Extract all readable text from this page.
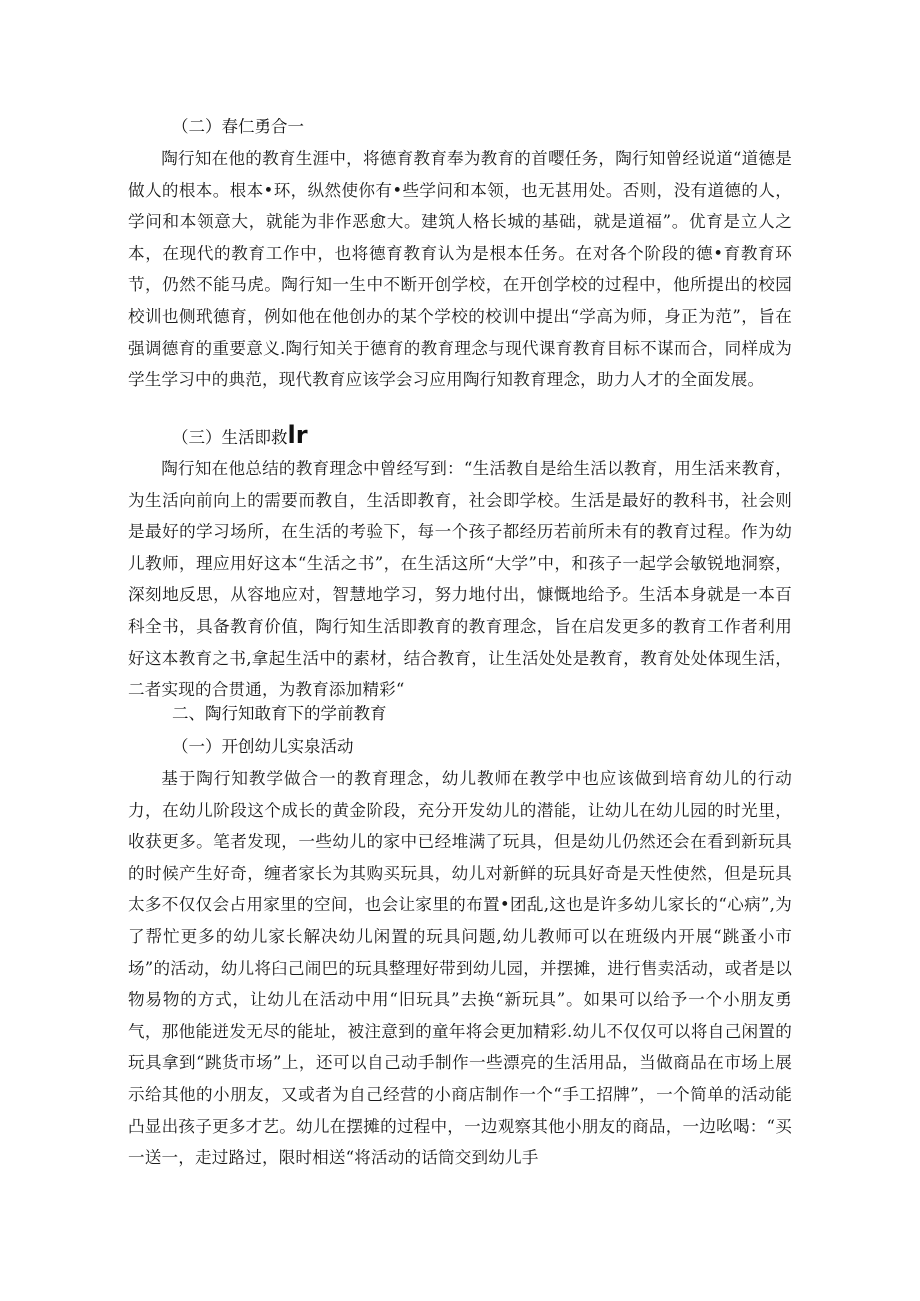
（二）春仁勇合一
陶行知在他的教育生涯中，将德育教育奉为教育的首嘤任务，陶行知曾经说道“道德是做人的根本。根本•环，纵然使你有•些学问和本领，也无甚用处。否则，没有道德的人，学问和本领意大，就能为非作恶愈大。建筑人格长城的基础，就是道福”。优育是立人之本，在现代的教育工作中，也将德育教育认为是根本任务。在对各个阶段的德•育教育环节，仍然不能马虎。陶行知一生中不断开创学校，在开创学校的过程中，他所提出的校园校训也侧玳德育，例如他在他创办的某个学校的校训中提出“学高为师，身正为范”，旨在强调德育的重要意义.陶行知关于德育的教育理念与现代课育教育目标不谋而合，同样成为学生学习中的典范，现代教育应该学会习应用陶行知教育理念，助力人才的全面发展。
（三）生活即救lr
陶行知在他总结的教育理念中曾经写到：“生活教自是给生活以教育，用生活来教育，为生活向前向上的需要而教自，生活即教育，社会即学校。生活是最好的教科书，社会则是最好的学习场所，在生活的考验下，每一个孩子都经历若前所未有的教育过程。作为幼儿教师，理应用好这本“生活之书”，在生活这所“大学”中，和孩子一起学会敏锐地洞察，深刻地反思，从容地应对，智慧地学习，努力地付出，慷慨地给予。生活本身就是一本百科全书，具备教育价值，陶行知生活即教育的教育理念，旨在启发更多的教育工作者利用好这本教育之书,拿起生活中的素材，结合教育，让生活处处是教育，教育处处体现生活，二者实现的合贯通，为教育添加精彩“
二、陶行知敢育下的学前教育
（一）开创幼儿实泉活动
基于陶行知教学做合一的教育理念，幼儿教师在教学中也应该做到培育幼儿的行动力，在幼儿阶段这个成长的黄金阶段，充分开发幼儿的潜能，让幼儿在幼儿园的时光里，收获更多。笔者发现，一些幼儿的家中已经堆满了玩具，但是幼儿仍然还会在看到新玩具的时候产生好奇，缠者家长为其购买玩具，幼儿对新鲜的玩具好奇是天性使然，但是玩具太多不仅仅会占用家里的空间，也会让家里的布置•团乱,这也是许多幼儿家长的“心病”,为了帮忙更多的幼儿家长解决幼儿闲置的玩具问题,幼儿教师可以在班级内开展“跳蚤小市场”的活动，幼儿将臼己闹巴的玩具整理好带到幼儿园，并摆摊，进行售卖活动，或者是以物易物的方式，让幼儿在活动中用“旧玩具”去换“新玩具”。如果可以给予一个小朋友勇气，那他能迸发无尽的能址，被注意到的童年将会更加精彩.幼儿不仅仅可以将自己闲置的玩具拿到“跳货市场”上，还可以自己动手制作一些漂亮的生活用品，当做商品在市场上展示给其他的小朋友，又或者为自己经营的小商店制作一个“手工招牌”，一个简单的活动能凸显出孩子更多才艺。幼儿在摆摊的过程中，一边观察其他小朋友的商品，一边吆喝：“买一送一，走过路过，限时相送“将活动的话筒交到幼儿手
